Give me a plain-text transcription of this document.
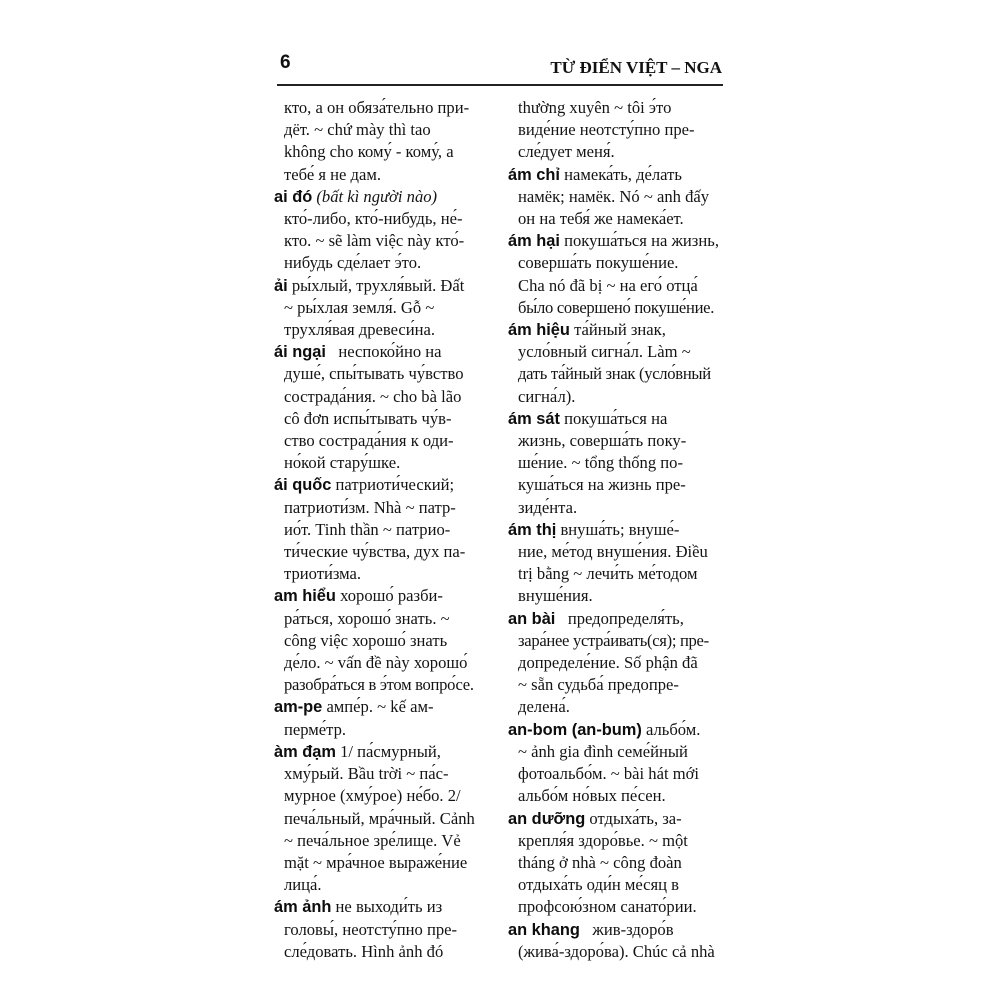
6	TỪ ĐIỂN VIỆT – NGA
кто, а он обяза́тельно при-
дёт. ~ chứ mày thì tao
không cho кому́ - кому́, а
тебе́ я не дам.
ai đó (bất kì người nào)
кто́-либо, кто́-нибудь, не́-
кто. ~ sẽ làm việc này кто́-
нибудь сде́лает э́то.
ải ры́хлый, трухля́вый. Đất
~ ры́хлая земля́. Gỗ ~
трухля́вая древеси́на.
ái ngại неспоко́йно на
душе́, спы́тывать чу́вство
сострада́ния. ~ cho bà lão
cô đơn испы́тывать чу́в-
ство сострада́ния к оди-
но́кой стару́шке.
ái quốc патриоти́ческий;
патриоти́зм. Nhà ~ патр-
ио́т. Tinh thần ~ патрио-
ти́ческие чу́вства, дух па-
триоти́зма.
am hiểu хорошо́ разби-
ра́ться, хорошо́ знать. ~
công việc хорошо́ знать
де́ло. ~ vấn đề này хорошо́
разобра́ться в э́том вопро́се.
am-pe ампе́р. ~ kế ам-
перме́тр.
àm đạm 1/ па́смурный,
хму́рый. Bầu trời ~ па́с-
мурное (хму́рое) не́бо. 2/
печа́льный, мра́чный. Cảnh
~ печа́льное зре́лище. Vẻ
mặt ~ мра́чное выраже́ние
лица́.
ám ảnh не выходи́ть из
головы́, неотсту́пно пре-
сле́довать. Hình ảnh đó
thường xuyên ~ tôi э́то
виде́ние неотсту́пно пре-
сле́дует меня́.
ám chỉ намека́ть, де́лать
намёк; намёк. Nó ~ anh đấy
он на тебя́ же намека́ет.
ám hại покуша́ться на жизнь,
соверша́ть покуше́ние.
Cha nó đã bị ~ на его́ отца́
бы́ло совершено́ покуше́ние.
ám hiệu та́йный знак,
усло́вный сигна́л. Làm ~
дать та́йный знак (усло́вный
сигна́л).
ám sát покуша́ться на
жизнь, соверша́ть поку-
ше́ние. ~ tổng thống по-
куша́ться на жизнь пре-
зиде́нта.
ám thị внуша́ть; внуше́-
ние, ме́тод внуше́ния. Điều
trị bằng ~ лечи́ть ме́тодом
внуше́ния.
an bài предопределя́ть,
зара́нее устра́ивать(ся); пре-
допределе́ние. Số phận đã
~ sẵn судьба́ предопре-
делена́.
an-bom (an-bum) альбо́м.
~ ảnh gia đình семе́йный
фотоальбо́м. ~ bài hát mới
альбо́м но́вых пе́сен.
an dưỡng отдыха́ть, за-
крепля́я здоро́вье. ~ một
tháng ở nhà ~ công đoàn
отдыха́ть оди́н ме́сяц в
профсою́зном санато́рии.
an khang жив-здоро́в
(жива́-здоро́ва). Chúc cả nhà
